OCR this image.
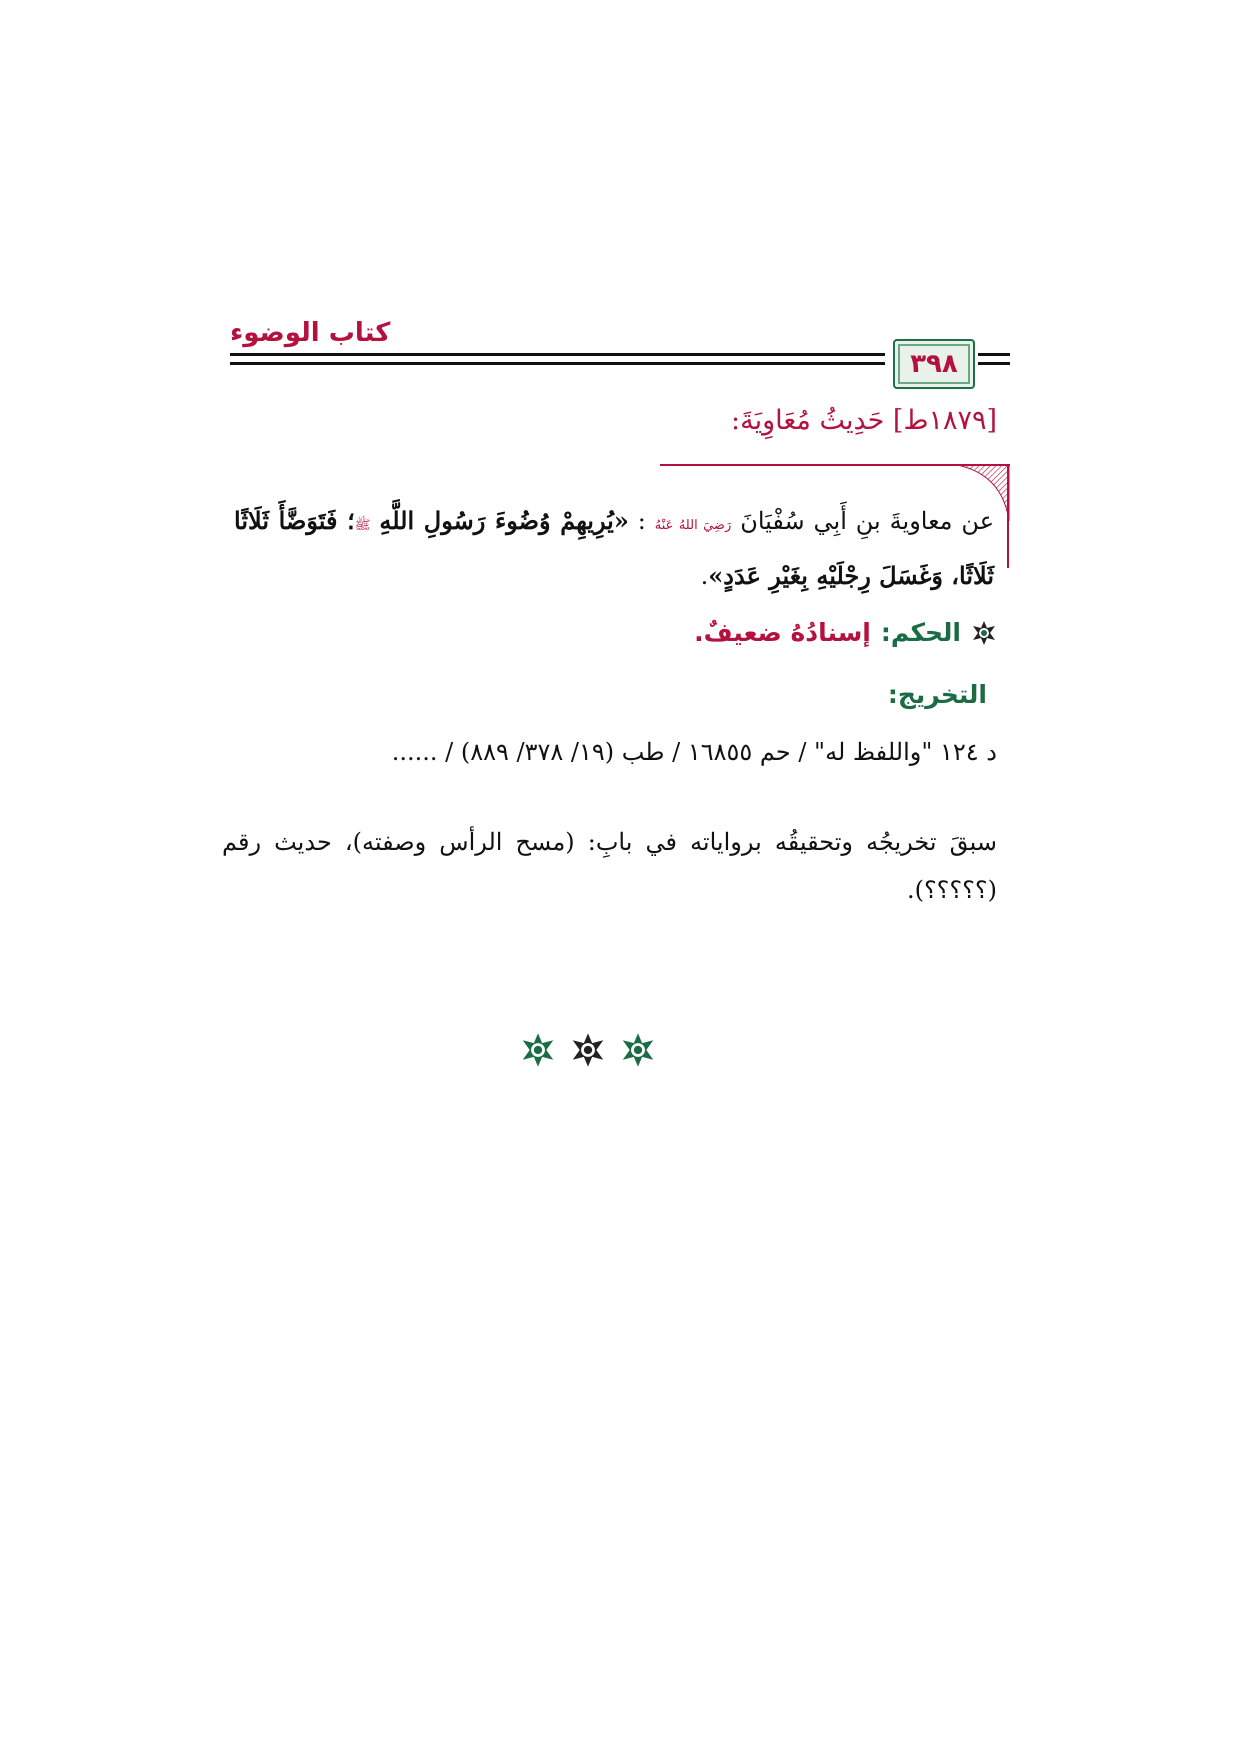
كتاب الوضوء
٣٩٨
[١٨٧٩ط] حَدِيثُ مُعَاوِيَةَ:
عن معاويةَ بنِ أَبِي سُفْيَانَ رَضِيَ اللهُ عَنْهُ : «يُرِيهِمْ وُضُوءَ رَسُولِ اللَّهِ ﷺ؛ فَتَوَضَّأَ ثَلَاثًا ثَلَاثًا، وَغَسَلَ رِجْلَيْهِ بِغَيْرِ عَدَدٍ».
الحكم:
إسنادُهُ ضعيفٌ.
التخريج:
د ١٢٤ "واللفظ له" / حم ١٦٨٥٥ / طب (١٩/ ٣٧٨/ ٨٨٩) / ......
سبقَ تخريجُه وتحقيقُه برواياته في بابِ: (مسح الرأس وصفته)، حديث رقم (؟؟؟؟؟).
